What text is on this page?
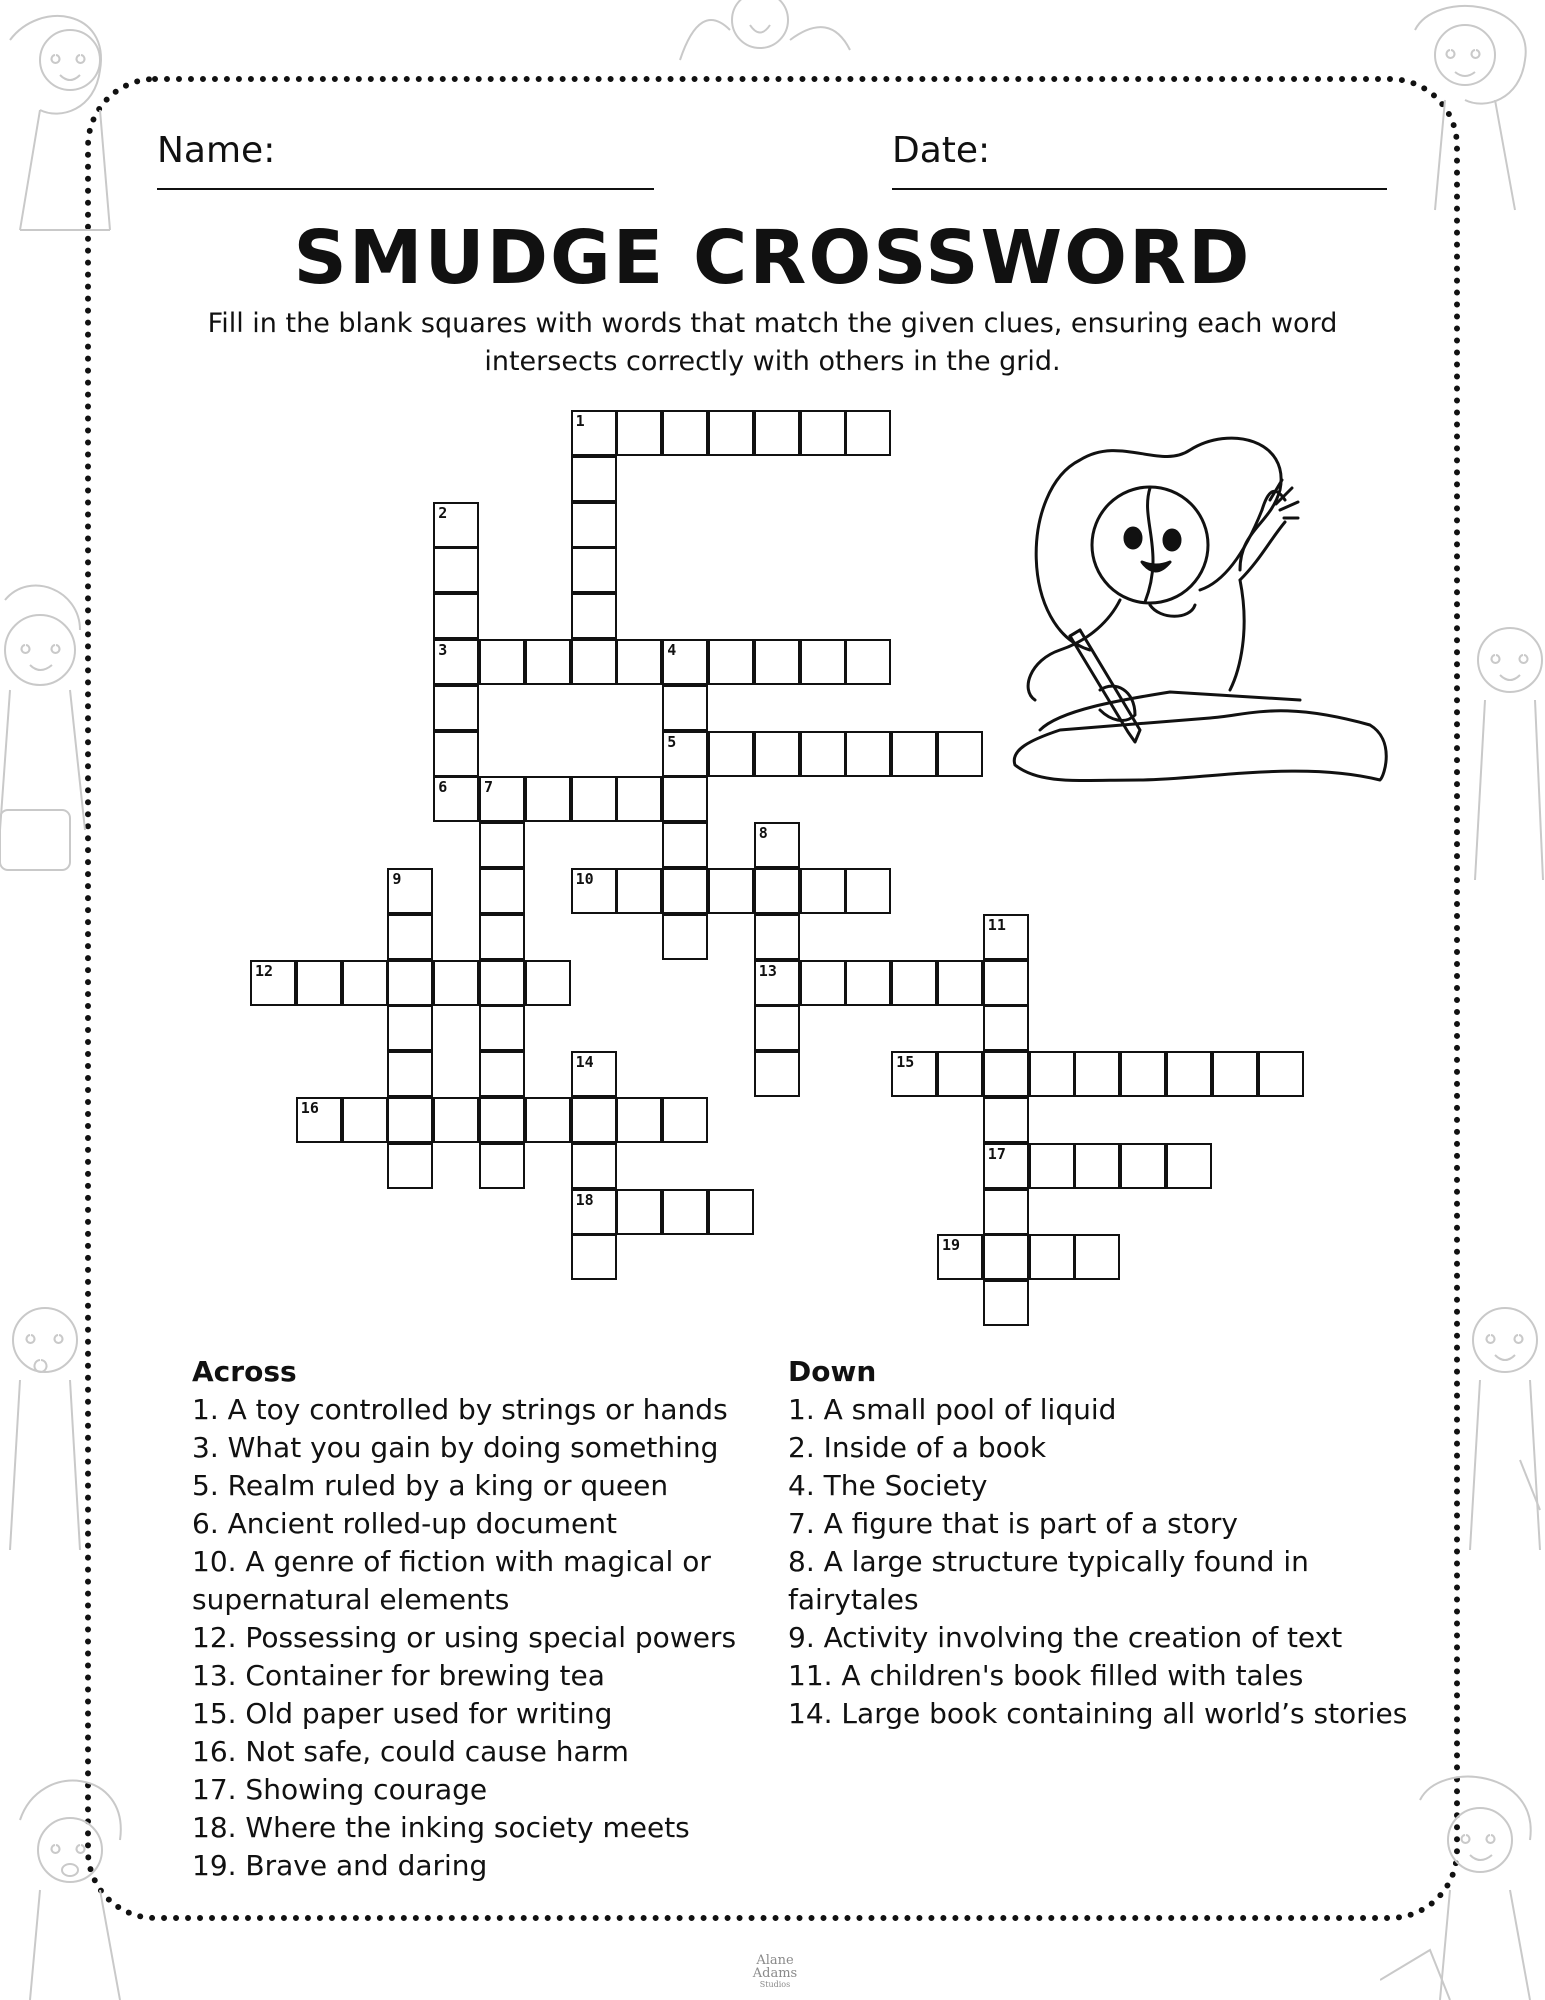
Name:	Date:
SMUDGE CROSSWORD
Fill in the blank squares with words that match the given clues, ensuring each word intersects correctly with others in the grid.
1
2
3	4
5
6 7
8
13
9	10
11
17
12
14
18
15
16
19
Across

1. A toy controlled by strings or hands

3. What you gain by doing something

5. Realm ruled by a king or queen

6. Ancient rolled-up document

10. A genre of fiction with magical or supernatural elements

12. Possessing or using special powers

13. Container for brewing tea

15. Old paper used for writing

16. Not safe, could cause harm

17. Showing courage

18. Where the inking society meets

19. Brave and daring

Down

1. A small pool of liquid

2. Inside of a book

4. The Society

7. A figure that is part of a story

8. A large structure typically found in fairytales

9. Activity involving the creation of text

11. A children's book filled with tales

14. Large book containing all world’s stories

Alane
Adams
Studios
